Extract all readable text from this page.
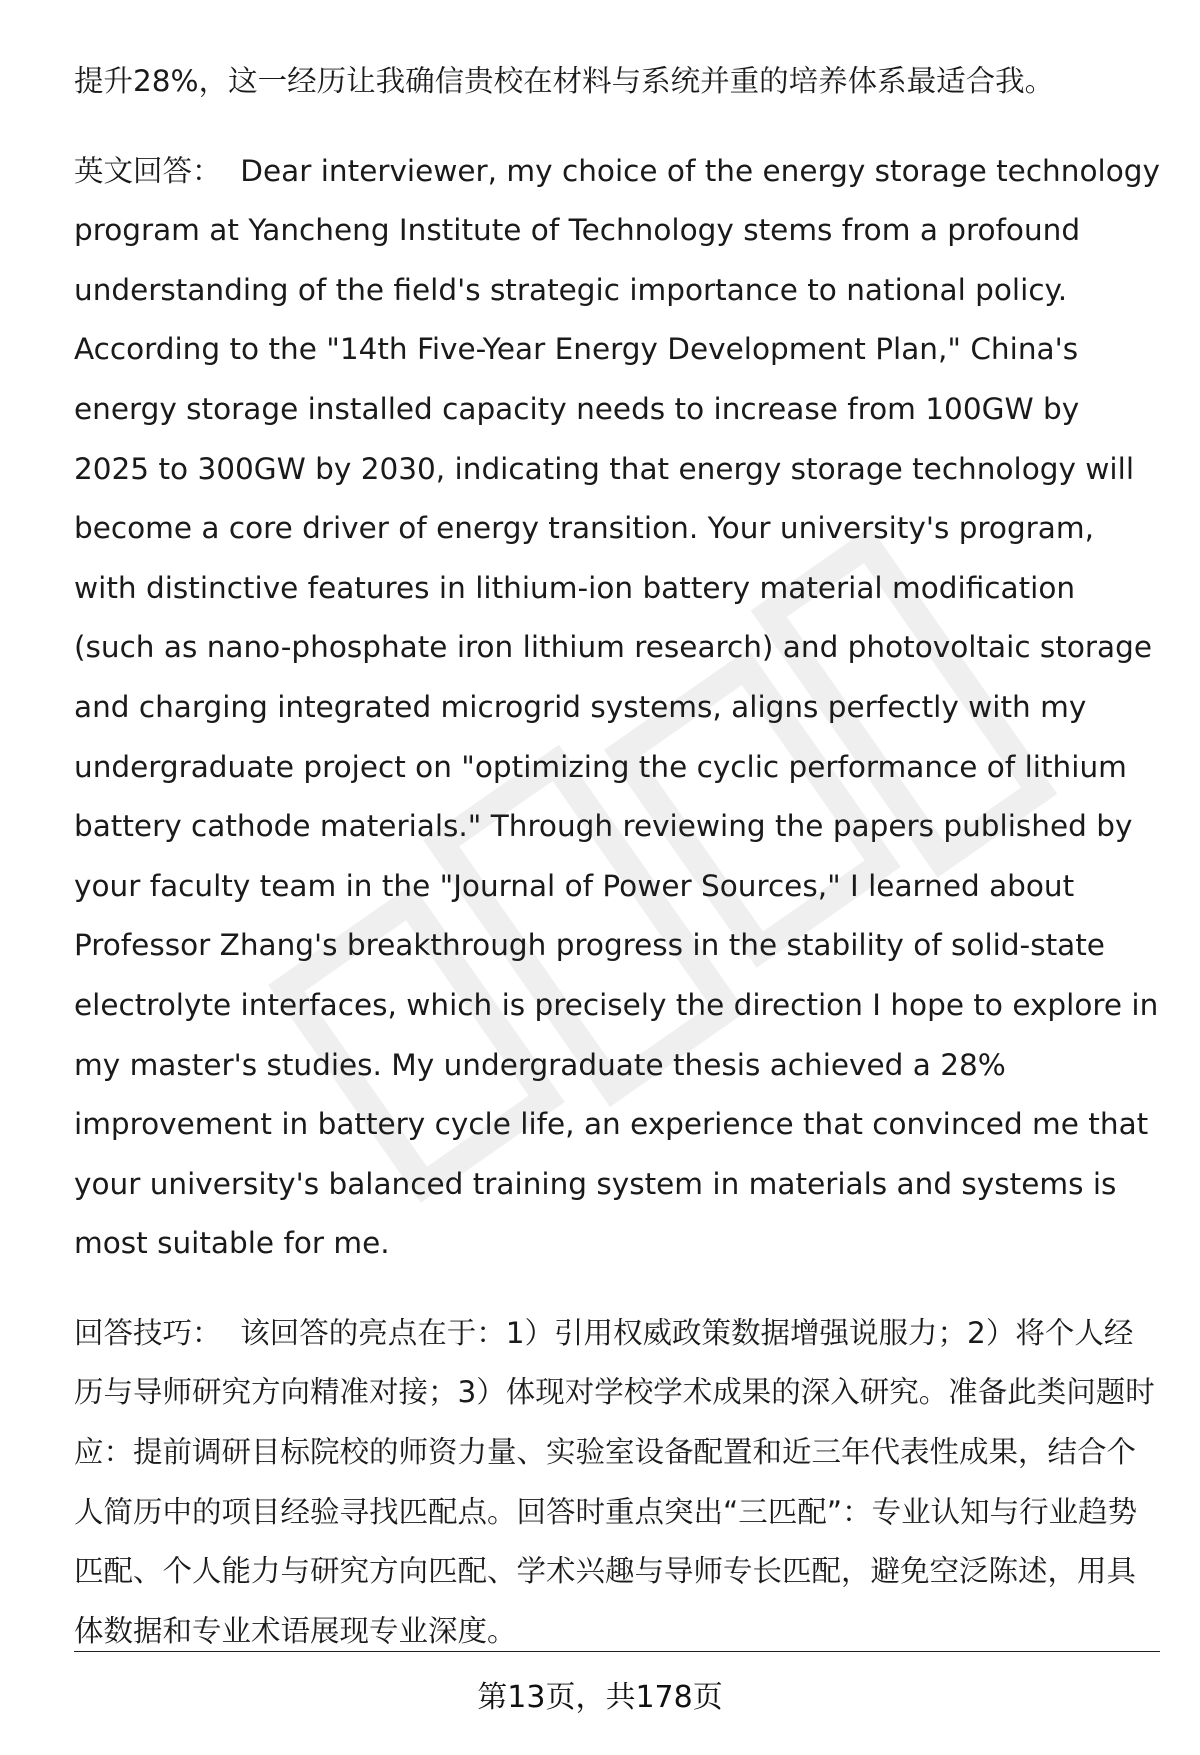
提升28%，这一经历让我确信贵校在材料与系统并重的培养体系最适合我。

英文回答： Dear interviewer, my choice of the energy storage technology program at Yancheng Institute of Technology stems from a profound understanding of the field's strategic importance to national policy. According to the "14th Five-Year Energy Development Plan," China's energy storage installed capacity needs to increase from 100GW by 2025 to 300GW by 2030, indicating that energy storage technology will become a core driver of energy transition. Your university's program, with distinctive features in lithium-ion battery material modification (such as nano-phosphate iron lithium research) and photovoltaic storage and charging integrated microgrid systems, aligns perfectly with my undergraduate project on "optimizing the cyclic performance of lithium battery cathode materials." Through reviewing the papers published by your faculty team in the "Journal of Power Sources," I learned about Professor Zhang's breakthrough progress in the stability of solid-state electrolyte interfaces, which is precisely the direction I hope to explore in my master's studies. My undergraduate thesis achieved a 28% improvement in battery cycle life, an experience that convinced me that your university's balanced training system in materials and systems is most suitable for me.

回答技巧： 该回答的亮点在于：1）引用权威政策数据增强说服力；2）将个人经历与导师研究方向精准对接；3）体现对学校学术成果的深入研究。准备此类问题时应：提前调研目标院校的师资力量、实验室设备配置和近三年代表性成果，结合个人简历中的项目经验寻找匹配点。回答时重点突出“三匹配”：专业认知与行业趋势匹配、个人能力与研究方向匹配、学术兴趣与导师专长匹配，避免空泛陈述，用具体数据和专业术语展现专业深度。

第13页，共178页
